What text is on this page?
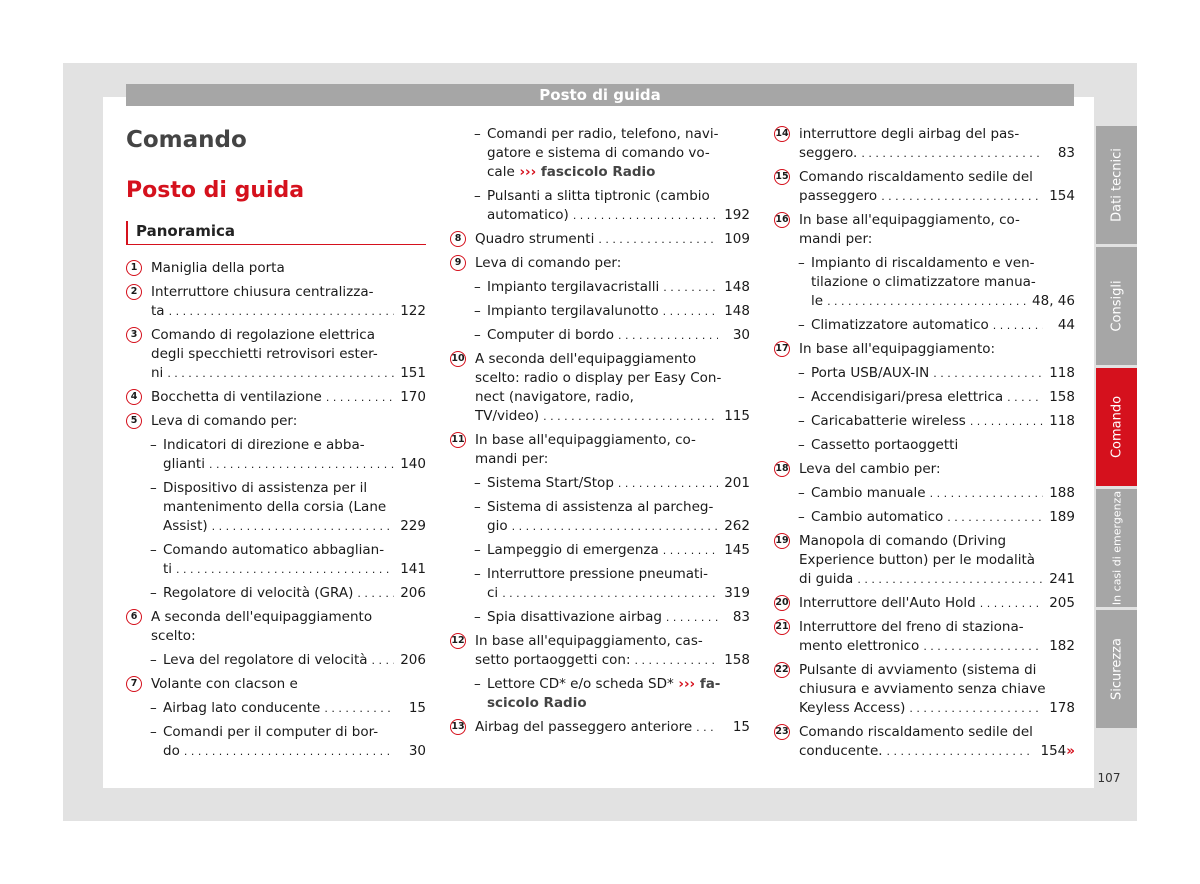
Posto di guida
Comando
Posto di guida
Panoramica
1	Maniglia della porta
2	Interruttore chiusura centralizza-
ta . . .	122
3	Comando di regolazione elettrica
degli specchietti retrovisori ester-
ni . . .	151
4	Bocchetta di ventilazione . . .	170
5	Leva di comando per:
– Indicatori di direzione e abba-
glianti . . .	140
– Dispositivo di assistenza per il
mantenimento della corsia (Lane
Assist) . . .	229
– Comando automatico abbaglian-
ti . . .	141
– Regolatore di velocità (GRA) . . .	206
6	A seconda dell'equipaggiamento
scelto:
– Leva del regolatore di velocità . . . 206
7	Volante con clacson e
– Airbag lato conducente . . .	15
– Comandi per il computer di bor-
do . . .	30
– Comandi per radio, telefono, navi-
gatore e sistema di comando vo-
cale ››› fascicolo Radio
– Pulsanti a slitta tiptronic (cambio
automatico) . . .	192
8	Quadro strumenti . . .	109
9	Leva di comando per:
– Impianto tergilavacristalli . . .	148
– Impianto tergilavalunotto . . .	148
– Computer di bordo . . .	30
10 A seconda dell'equipaggiamento
scelto: radio o display per Easy Con-
nect (navigatore, radio,
TV/video) . . .	115
11 In base all'equipaggiamento, co-
mandi per:
– Sistema Start/Stop . . .	201
– Sistema di assistenza al parcheg-
gio . . .	262
– Lampeggio di emergenza . . .	145
– Interruttore pressione pneumati-
ci . . .	319
– Spia disattivazione airbag . . .	83
12 In base all'equipaggiamento, cas-
setto portaoggetti con: . . .	158
– Lettore CD* e/o scheda SD* ››› fa-
scicolo Radio
13 Airbag del passeggero anteriore . . .	15
14 interruttore degli airbag del pas-
seggero. . . .	83
15 Comando riscaldamento sedile del
passeggero . . .	154
16 In base all'equipaggiamento, co-
mandi per:
– Impianto di riscaldamento e ven-
tilazione o climatizzatore manua-
le . . .	48, 46
– Climatizzatore automatico . . .	44
17 In base all'equipaggiamento:
– Porta USB/AUX-IN . . .	118
– Accendisigari/presa elettrica . . .	158
– Caricabatterie wireless . . .	118
– Cassetto portaoggetti
18 Leva del cambio per:
– Cambio manuale . . .	188
– Cambio automatico . . .	189
19 Manopola di comando (Driving
Experience button) per le modalità
di guida . . .	241
20 Interruttore dell'Auto Hold . . .	205
21 Interruttore del freno di staziona-
mento elettronico . . .	182
22 Pulsante di avviamento (sistema di
chiusura e avviamento senza chiave
Keyless Access) . . .	178
23 Comando riscaldamento sedile del
conducente. . . .	154 »
Dati tecnici
Consigli
Comando
In casi di emergenza
Sicurezza
107
